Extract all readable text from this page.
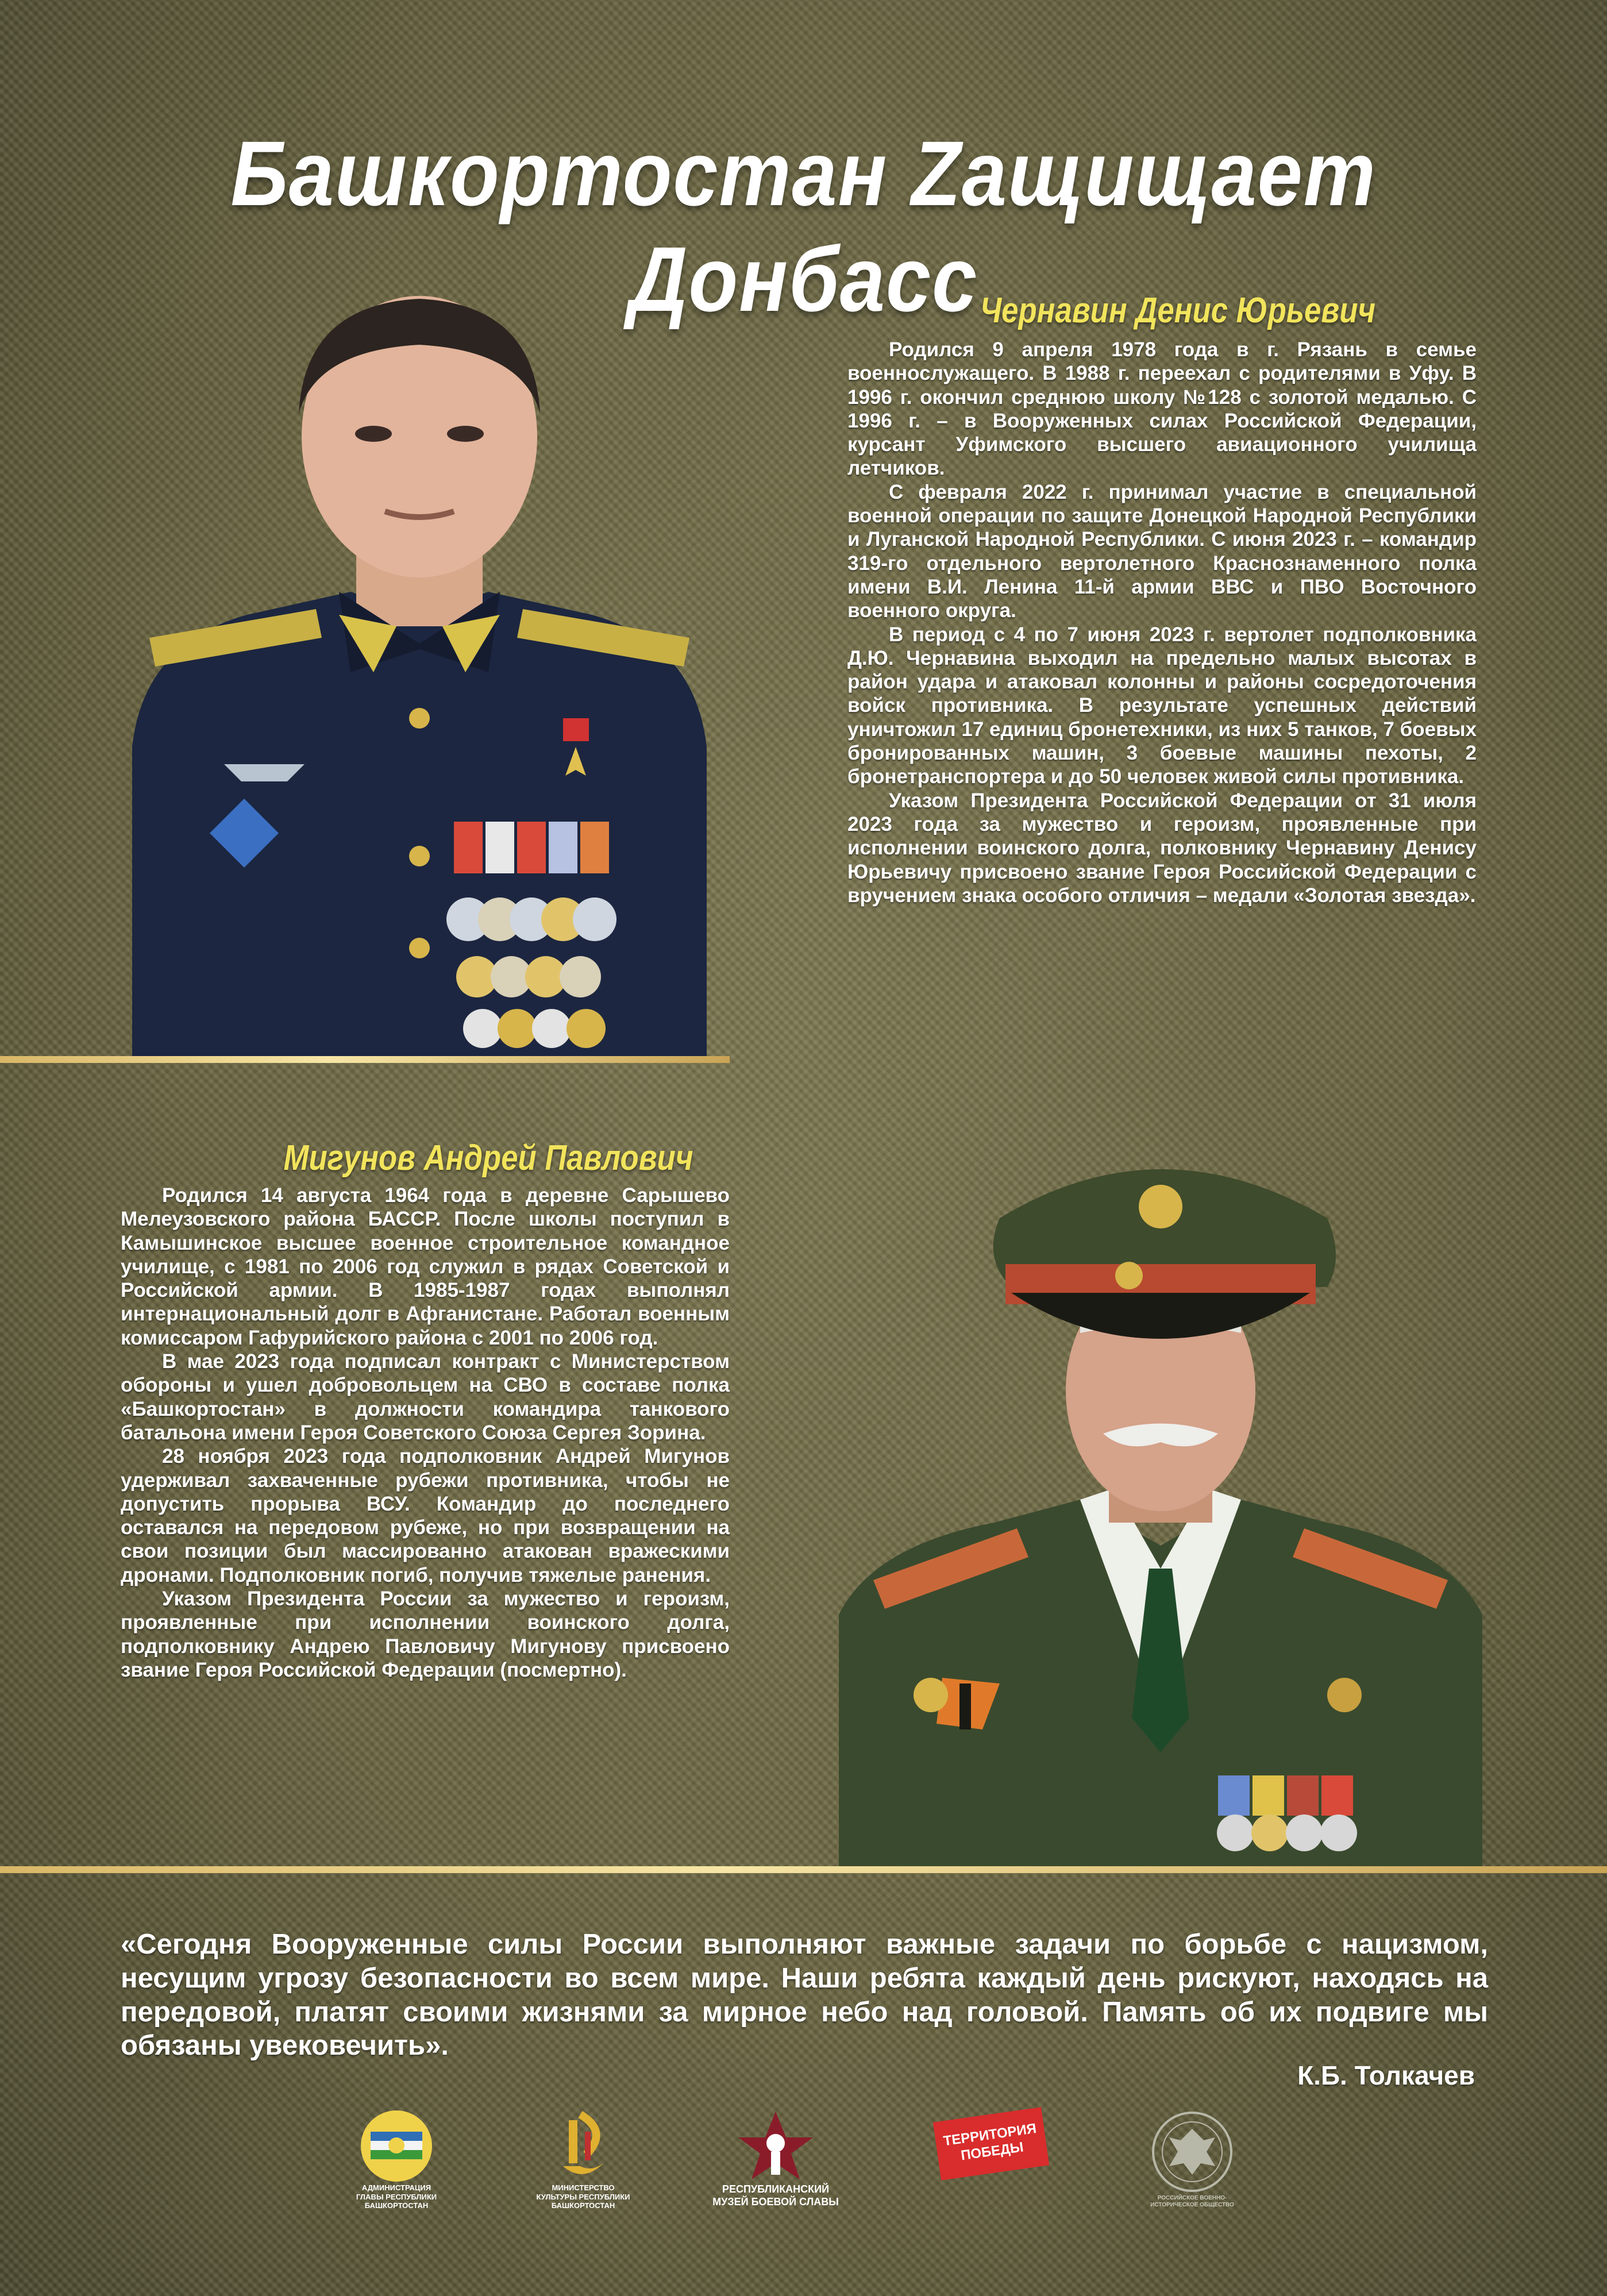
Башкортостан Zащищает Донбасс Чернавин Денис Юрьевич

Родился 9 апреля 1978 года в г. Рязань в семье военнослужащего. В 1988 г. переехал с родителями в Уфу. В 1996 г. окончил среднюю школу №128 с золотой медалью. С 1996 г. – в Вооруженных силах Российской Федерации, курсант Уфимского высшего авиационного училища летчиков.

С февраля 2022 г. принимал участие в специальной военной операции по защите Донецкой Народной Республики и Луганской Народной Республики. С июня 2023 г. – командир 319-го отдельного вертолетного Краснознаменного полка имени В.И. Ленина 11-й армии ВВС и ПВО Восточного военного округа.

В период с 4 по 7 июня 2023 г. вертолет подполковника Д.Ю. Чернавина выходил на предельно малых высотах в район удара и атаковал колонны и районы сосредоточения войск противника. В результате успешных действий уничтожил 17 единиц бронетехники, из них 5 танков, 7 боевых бронированных машин, 3 боевые машины пехоты, 2 бронетранспортера и до 50 человек живой силы противника.

Указом Президента Российской Федерации от 31 июля 2023 года за мужество и героизм, проявленные при исполнении воинского долга, полковнику Чернавину Денису Юрьевичу присвоено звание Героя Российской Федерации с вручением знака особого отличия – медали «Золотая звезда».

Мигунов Андрей Павлович

Родился 14 августа 1964 года в деревне Сарышево Мелеузовского района БАССР. После школы поступил в Камышинское высшее военное строительное командное училище, с 1981 по 2006 год служил в рядах Советской и Российской армии. В 1985-1987 годах выполнял интернациональный долг в Афганистане. Работал военным комиссаром Гафурийского района с 2001 по 2006 год.

В мае 2023 года подписал контракт с Министерством обороны и ушел добровольцем на СВО в составе полка «Башкортостан» в должности командира танкового батальона имени Героя Советского Союза Сергея Зорина.

28 ноября 2023 года подполковник Андрей Мигунов удерживал захваченные рубежи противника, чтобы не допустить прорыва ВСУ. Командир до последнего оставался на передовом рубеже, но при возвращении на свои позиции был массированно атакован вражескими дронами. Подполковник погиб, получив тяжелые ранения.

Указом Президента России за мужество и героизм, проявленные при исполнении воинского долга, подполковнику Андрею Павловичу Мигунову присвоено звание Героя Российской Федерации (посмертно).

«Сегодня Вооруженные силы России выполняют важные задачи по борьбе с нацизмом, несущим угрозу безопасности во всем мире. Наши ребята каждый день рискуют, находясь на передовой, платят своими жизнями за мирное небо над головой. Память об их подвиге мы обязаны увековечить».
К.Б. Толкачев
АДМИНИСТРАЦИЯ ГЛАВЫ РЕСПУБЛИКИ БАШКОРТОСТАН
МИНИСТЕРСТВО КУЛЬТУРЫ РЕСПУБЛИКИ БАШКОРТОСТАН
РЕСПУБЛИКАНСКИЙ
МУЗЕЙ БОЕВОЙ СЛАВЫ
ТЕРРИТОРИЯ ПОБЕДЫ
РОССИЙСКОЕ ВОЕННО-ИСТОРИЧЕСКОЕ ОБЩЕСТВО
